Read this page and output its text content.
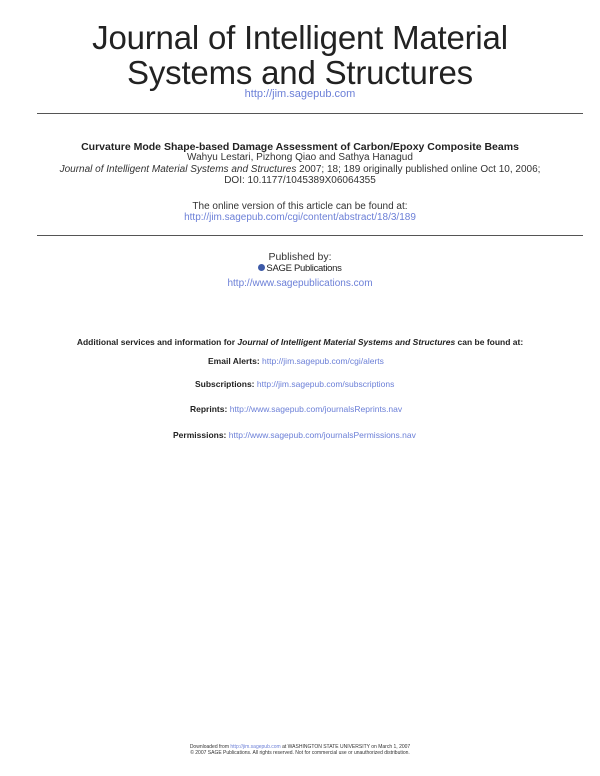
Journal of Intelligent Material
Systems and Structures
http://jim.sagepub.com
Curvature Mode Shape-based Damage Assessment of Carbon/Epoxy Composite Beams
Wahyu Lestari, Pizhong Qiao and Sathya Hanagud
Journal of Intelligent Material Systems and Structures 2007; 18; 189 originally published online Oct 10, 2006;
DOI: 10.1177/1045389X06064355
The online version of this article can be found at:
http://jim.sagepub.com/cgi/content/abstract/18/3/189
Published by:
SAGE Publications
http://www.sagepublications.com
Additional services and information for Journal of Intelligent Material Systems and Structures can be found at:
Email Alerts: http://jim.sagepub.com/cgi/alerts
Subscriptions: http://jim.sagepub.com/subscriptions
Reprints: http://www.sagepub.com/journalsReprints.nav
Permissions: http://www.sagepub.com/journalsPermissions.nav
Downloaded from http://jim.sagepub.com at WASHINGTON STATE UNIVERSITY on March 1, 2007
© 2007 SAGE Publications. All rights reserved. Not for commercial use or unauthorized distribution.
